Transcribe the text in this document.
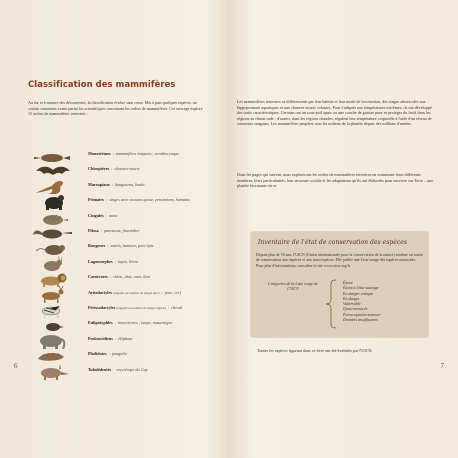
Classification des mammifères
Au fur et à mesure des découvertes, la classification évolue sans cesse. Mis à part quelques espèces, un certain consensus existe parmi les scientifiques concernant les ordres de mammifères. Cet ouvrage explore 15 ordres de mammifères terrestres :
Monotrèmes : mammifères ovipares ; ornithorynque
Chiroptères : chauves-souris
Marsupiaux : kangourou, koala
Primates : singes avec ou sans queue, prosimiens, humains
Cingulés : tatou
Pilosa : paresseux, fourmilier
Rongeurs : souris, hamster, porc-épic
Lagomorphes : lapin, lièvre
Carnivores : chien, chat, ours, lion
Artiodactyles(ongulés au nombre de doigts pair) : porc, cerf
Périssodactyles(ongulés au nombre de doigts impair) : cheval
Eulipotyphles : insectivores ; taupe, musaraigne
Proboscidiens : éléphant
Pholidotes : pangolin
Tubulidentés : oryctérope du Cap
6	7
Les mammifères terrestres se différencient par leur habitat et leur mode de locomotion, des singes arboricoles aux hippopotames aquatiques et aux chauves-souris volantes. Pour s'adapter aux températures extrêmes, ils ont développé des traits caractéristiques. Certains ont un sous-poil épais ou une couche de graisse pour se protéger du froid dans les régions au climat rude ; d'autres, dans les régions chaudes, régulent leur température corporelle à l'aide d'un réseau de vaisseaux sanguins. Les mammifères peuplent tous les milieux de la planète depuis des millions d'années.
Dans les pages qui suivent, nous explorerons les ordres de mammifères terrestres en examinant leurs différents membres, leurs particularités, leur structure sociale et les adaptations qu'ils ont élaborées pour survivre sur Terre – une planète fascinante où se
Inventaire de l'état de conservation des espèces
Depuis plus de 50 ans, l'UICN (Union internationale pour la conservation de la nature) attribue un statut de conservation aux espèces et aux sous-espèces. Elle publie une Liste rouge des espèces menacées. Pour plus d'informations, consultez le site www.uicn.org/fr
Catégories de la Liste rouge de l'UICN
Éteint
Éteint à l'état sauvage
En danger critique
En danger
Vulnérable
Quasi menacée
Préoccupation mineure
Données insuffisantes
Toutes les espèces figurant dans ce livre ont été évaluées par l'UICN.
